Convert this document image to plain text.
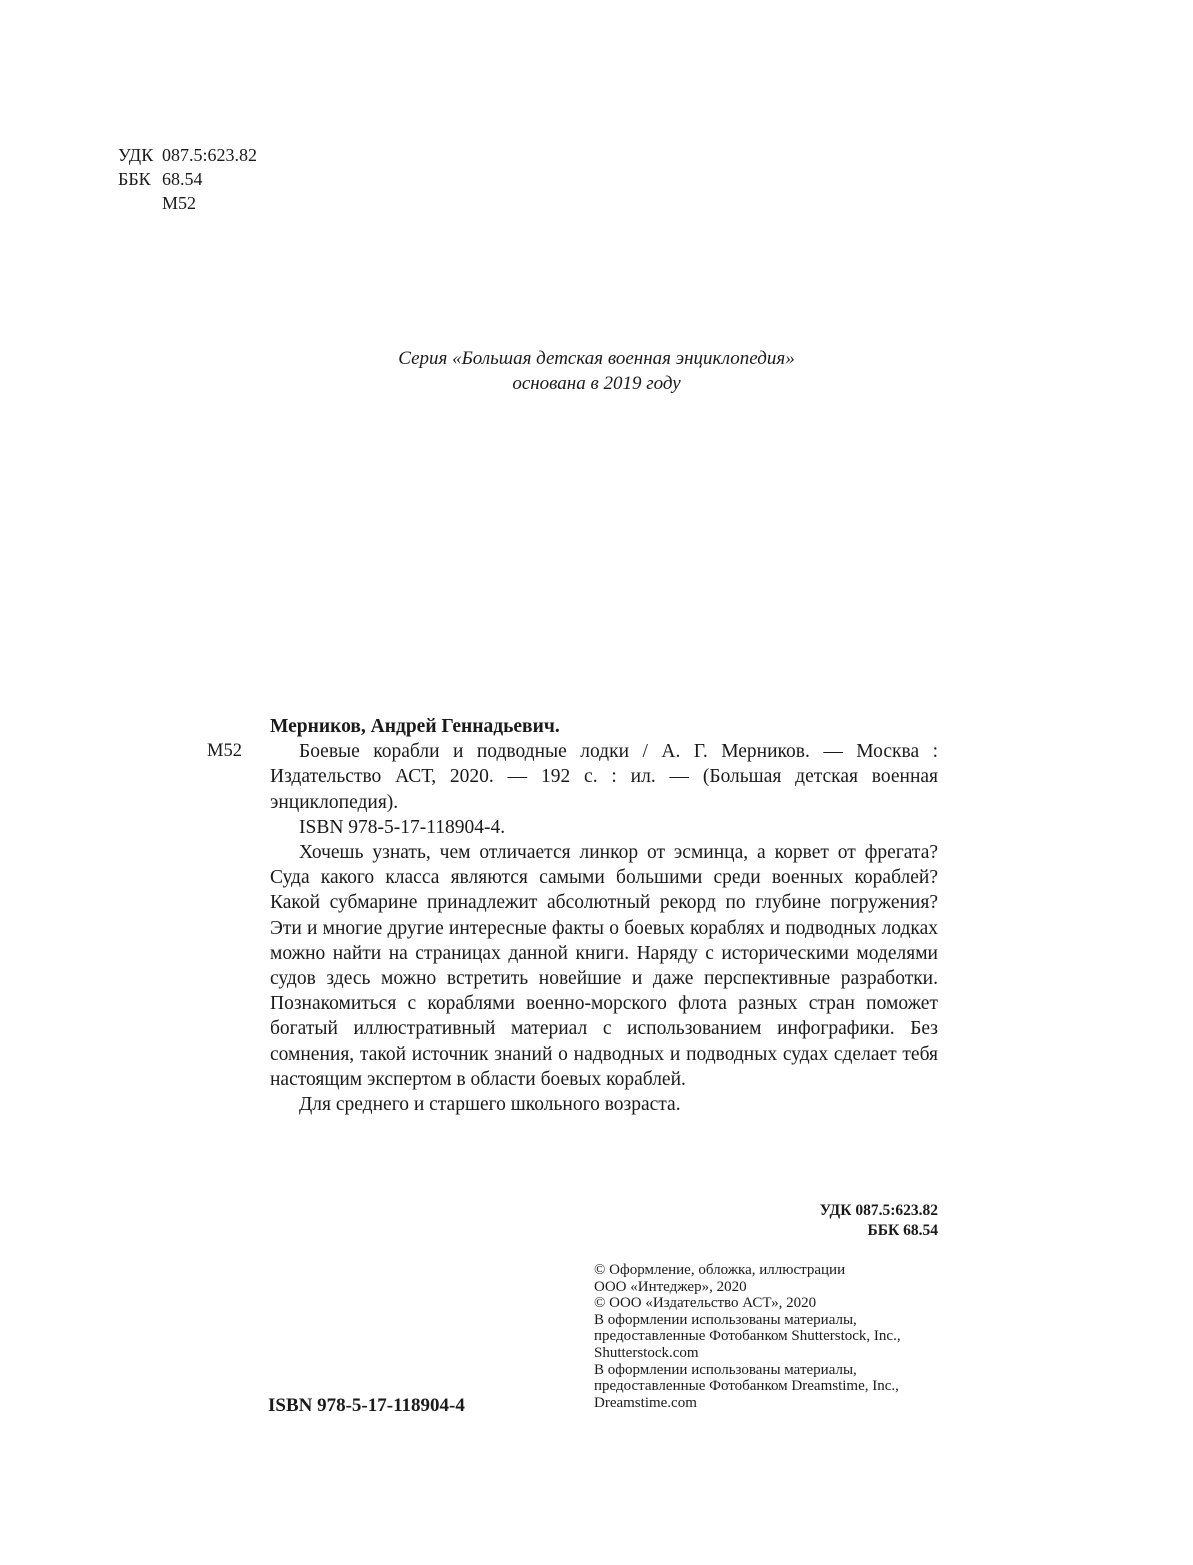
УДК 087.5:623.82
ББК 68.54
М52
Серия «Большая детская военная энциклопедия»
основана в 2019 году
М52

Мерников, Андрей Геннадьевич.

Боевые корабли и подводные лодки / А. Г. Мерников. — Москва : Издательство АСТ, 2020. — 192 с. : ил. — (Большая детская военная энциклопедия).

ISBN 978-5-17-118904-4.

Хочешь узнать, чем отличается линкор от эсминца, а корвет от фрегата? Суда какого класса являются самыми большими среди военных кораблей? Какой субмарине принадлежит абсолютный рекорд по глубине погружения? Эти и многие другие интересные факты о боевых кораблях и подводных лодках можно найти на страницах данной книги. Наряду с историческими моделями судов здесь можно встретить новейшие и даже перспективные разработки. Познакомиться с кораблями военно-морского флота разных стран поможет богатый иллюстративный материал с использованием инфографики. Без сомнения, такой источник знаний о надводных и подводных судах сделает тебя настоящим экспертом в области боевых кораблей.

Для среднего и старшего школьного возраста.

УДК 087.5:623.82
ББК 68.54
© Оформление, обложка, иллюстрации
ООО «Интеджер», 2020
© ООО «Издательство АСТ», 2020
В оформлении использованы материалы,
предоставленные Фотобанком Shutterstock, Inc.,
Shutterstock.com
В оформлении использованы материалы,
предоставленные Фотобанком Dreamstime, Inc.,
Dreamstime.com
ISBN 978-5-17-118904-4
